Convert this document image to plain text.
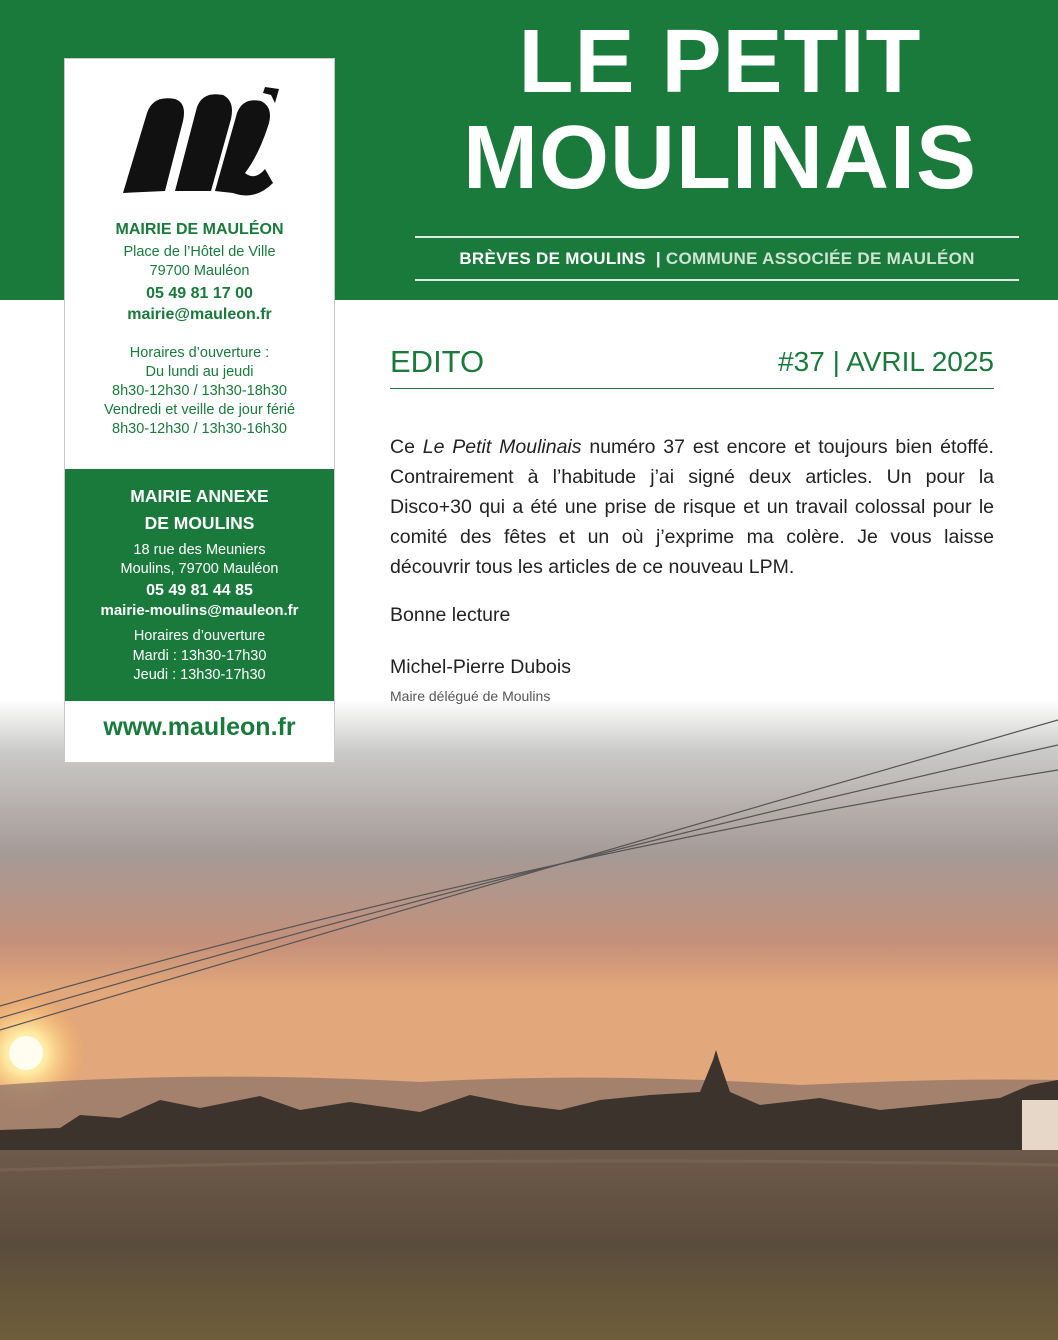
LE PETIT
MOULINAIS
BRÈVES DE MOULINS | COMMUNE ASSOCIÉE DE MAULÉON
MAIRIE DE MAULÉON
Place de l’Hôtel de Ville
79700 Mauléon
05 49 81 17 00
mairie@mauleon.fr
Horaires d’ouverture :
Du lundi au jeudi
8h30-12h30 / 13h30-18h30
Vendredi et veille de jour férié
8h30-12h30 / 13h30-16h30
MAIRIE ANNEXE
DE MOULINS
18 rue des Meuniers
Moulins, 79700 Mauléon
05 49 81 44 85
mairie-moulins@mauleon.fr
Horaires d’ouverture
Mardi : 13h30-17h30
Jeudi : 13h30-17h30
www.mauleon.fr
EDITO	#37 | AVRIL 2025
Ce Le Petit Moulinais numéro 37 est encore et toujours bien étoffé. Contrairement à l’habitude j’ai signé deux articles. Un pour la Disco+30 qui a été une prise de risque et un travail colossal pour le comité des fêtes et un où j’exprime ma colère. Je vous laisse découvrir tous les articles de ce nouveau LPM.
Bonne lecture
Michel-Pierre Dubois
Maire délégué de Moulins
